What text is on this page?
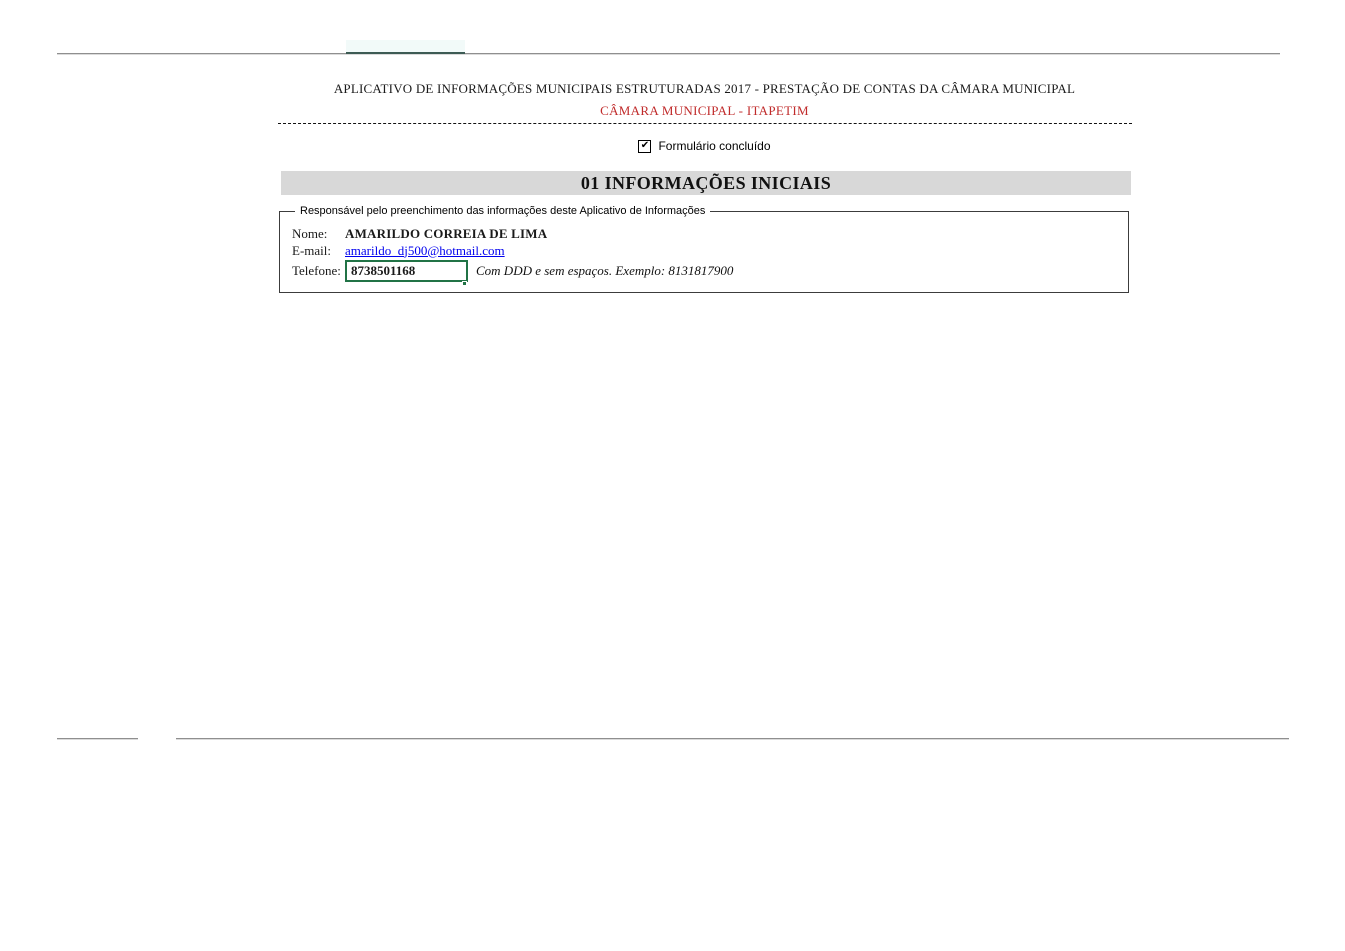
APLICATIVO DE INFORMAÇÕES MUNICIPAIS ESTRUTURADAS 2017 - PRESTAÇÃO DE CONTAS DA CÂMARA MUNICIPAL
CÂMARA MUNICIPAL - ITAPETIM
✔ Formulário concluído
01 INFORMAÇÕES INICIAIS
Responsável pelo preenchimento das informações deste Aplicativo de Informações
Nome:	AMARILDO CORREIA DE LIMA
E-mail:	amarildo_dj500@hotmail.com
Telefone: 8738501168	Com DDD e sem espaços. Exemplo: 8131817900
